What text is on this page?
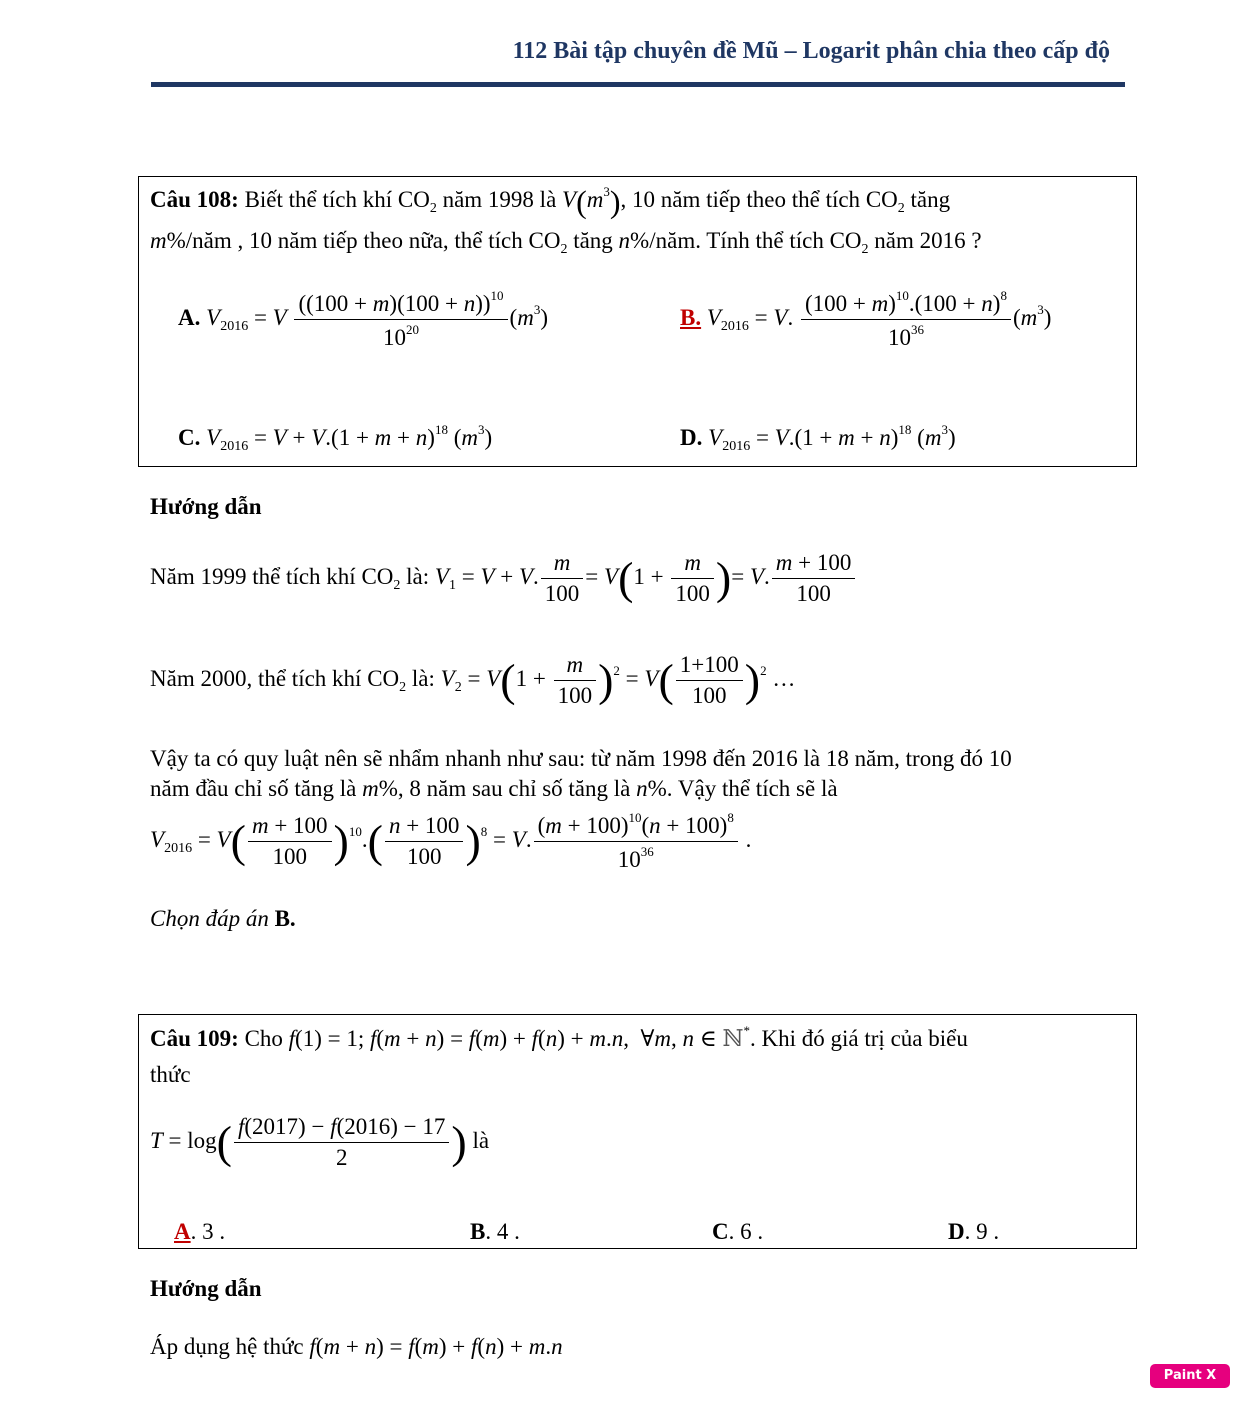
112 Bài tập chuyên đề Mũ – Logarit phân chia theo cấp độ
Câu 108: Biết thể tích khí $CO_2$ năm 1998 là $V(m^3)$, 10 năm tiếp theo thể tích $CO_2$ tăng
m%/năm , 10 năm tiếp theo nữa, thể tích $CO_2$ tăng n%/năm. Tính thể tích $CO_2$ năm 2016 ?
A. $V_{2016} = V \frac{((100 + m)(100 + n))^{10}}{10^{20}} (m^3)$	B. $V_{2016} = V$. $\frac{(100 + m)^{10}.(100 + n)^8}{10^{36}} (m^3)$
C. $V_{2016} = V + V.(1 + m + n)^{18}$ $(m^3)$	D. $V_{2016} = V.(1 + m + n)^{18}$ $(m^3)$
Hướng dẫn
Năm 1999 thể tích khí $CO_2$ là: $V_1 = V + V$. $\frac{m}{100} = V(1 + \frac{m}{100}$ )= V. $\frac{m + 100}{100}$
Năm 2000, thể tích khí $CO_2$ là: $V_2 = V(1 + \frac{m}{100} )^2 = V( \frac{1+100}{100} )^2$ …
Vậy ta có quy luật nên sẽ nhẩm nhanh như sau: từ năm 1998 đến 2016 là 18 năm, trong đó 10
năm đầu chỉ số tăng là m%, 8 năm sau chỉ số tăng là n%. Vậy thể tích sẽ là
$V_{2016} = V( \frac{m + 100}{100} )^{10}.( \frac{n + 100}{100} )^8 = V$. $\frac{(m + 100)^{10}(n + 100)^8}{10^{36}}$ .
Chọn đáp án B.
Câu 109: Cho f(1) = 1; f(m + n) = f(m) + f(n) + m.n,  ∀m, n ∈ ℕ*. Khi đó giá trị của biểu
thức
$T = \log( \frac{f(2017) - f(2016) - 17}{2}$ ) là
A. 3 .	B. 4 .	C. 6 .	D. 9 .
Hướng dẫn
Áp dụng hệ thức f(m + n) = f(m) + f(n) + m.n
Paint X lite
